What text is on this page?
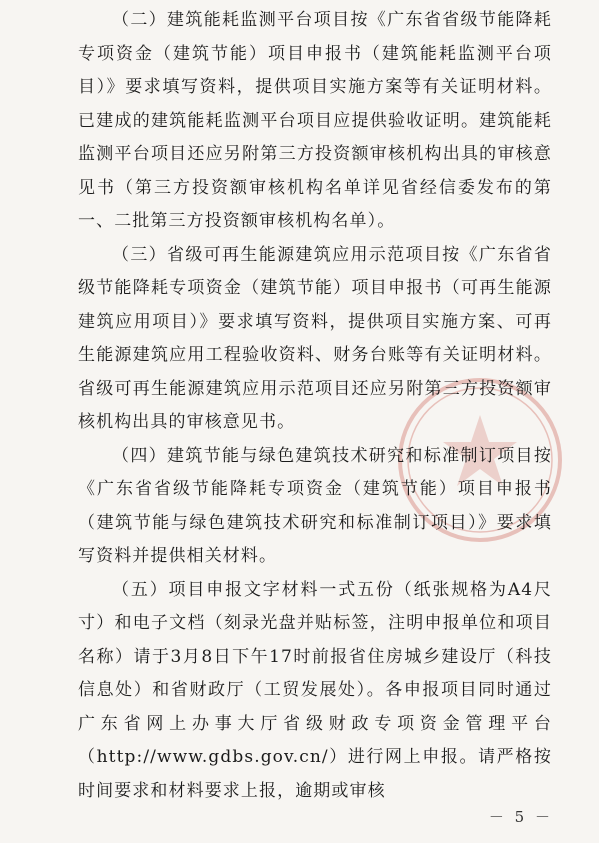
（二）建筑能耗监测平台项目按《广东省省级节能降耗专项资金（建筑节能）项目申报书（建筑能耗监测平台项目）》要求填写资料，提供项目实施方案等有关证明材料。已建成的建筑能耗监测平台项目应提供验收证明。建筑能耗监测平台项目还应另附第三方投资额审核机构出具的审核意见书（第三方投资额审核机构名单详见省经信委发布的第一、二批第三方投资额审核机构名单）。

（三）省级可再生能源建筑应用示范项目按《广东省省级节能降耗专项资金（建筑节能）项目申报书（可再生能源建筑应用项目）》要求填写资料，提供项目实施方案、可再生能源建筑应用工程验收资料、财务台账等有关证明材料。省级可再生能源建筑应用示范项目还应另附第三方投资额审核机构出具的审核意见书。

（四）建筑节能与绿色建筑技术研究和标准制订项目按《广东省省级节能降耗专项资金（建筑节能）项目申报书（建筑节能与绿色建筑技术研究和标准制订项目）》要求填写资料并提供相关材料。

（五）项目申报文字材料一式五份（纸张规格为A4尺寸）和电子文档（刻录光盘并贴标签，注明申报单位和项目名称）请于3月8日下午17时前报省住房城乡建设厅（科技信息处）和省财政厅（工贸发展处）。各申报项目同时通过广东省网上办事大厅省级财政专项资金管理平台（http://www.gdbs.gov.cn/）进行网上申报。请严格按时间要求和材料要求上报，逾期或审核

－ 5 －
